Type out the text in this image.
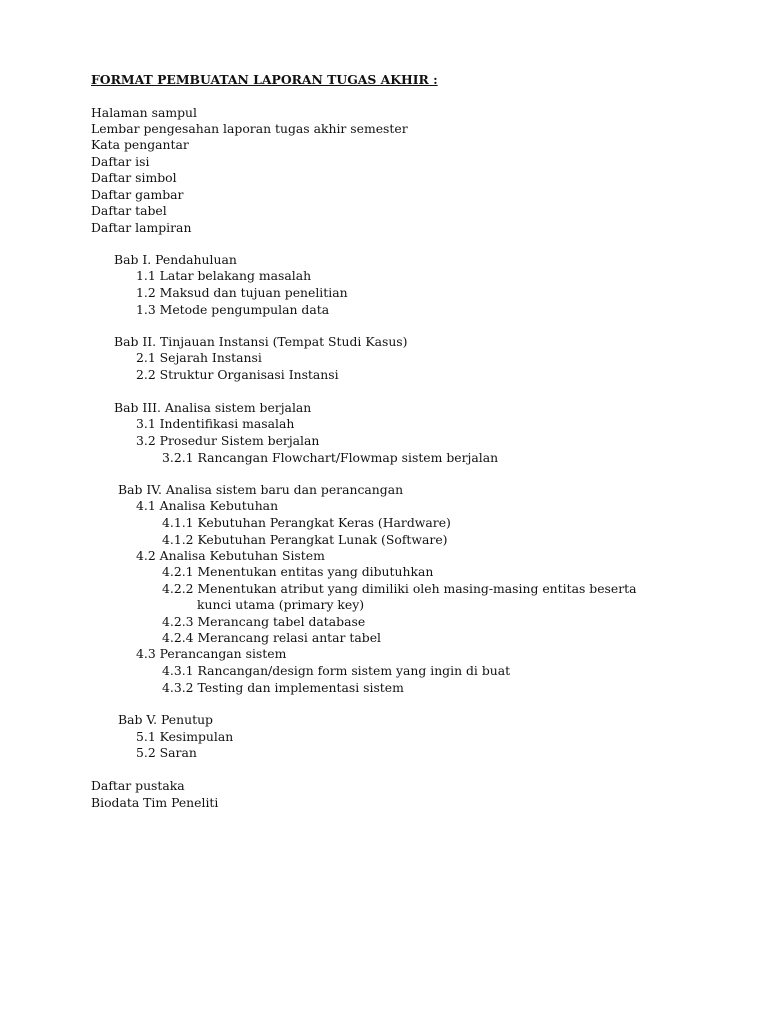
FORMAT PEMBUATAN LAPORAN TUGAS AKHIR :
Halaman sampul
Lembar pengesahan laporan tugas akhir semester
Kata pengantar
Daftar isi
Daftar simbol
Daftar gambar
Daftar tabel
Daftar lampiran
Bab I. Pendahuluan
1.1 Latar belakang masalah
1.2 Maksud dan tujuan penelitian
1.3 Metode pengumpulan data
Bab II. Tinjauan Instansi (Tempat Studi Kasus)
2.1 Sejarah Instansi
2.2 Struktur Organisasi Instansi
Bab III. Analisa sistem berjalan
3.1 Indentifikasi masalah
3.2 Prosedur Sistem berjalan
3.2.1 Rancangan Flowchart/Flowmap sistem berjalan
Bab IV. Analisa sistem baru dan perancangan
4.1 Analisa Kebutuhan
4.1.1 Kebutuhan Perangkat Keras (Hardware)
4.1.2 Kebutuhan Perangkat Lunak (Software)
4.2 Analisa Kebutuhan Sistem
4.2.1 Menentukan entitas yang dibutuhkan
4.2.2 Menentukan atribut yang dimiliki oleh masing-masing entitas beserta
kunci utama (primary key)
4.2.3 Merancang tabel database
4.2.4 Merancang relasi antar tabel
4.3 Perancangan sistem
4.3.1 Rancangan/design form sistem yang ingin di buat
4.3.2 Testing dan implementasi sistem
Bab V. Penutup
5.1 Kesimpulan
5.2 Saran
Daftar pustaka
Biodata Tim Peneliti
